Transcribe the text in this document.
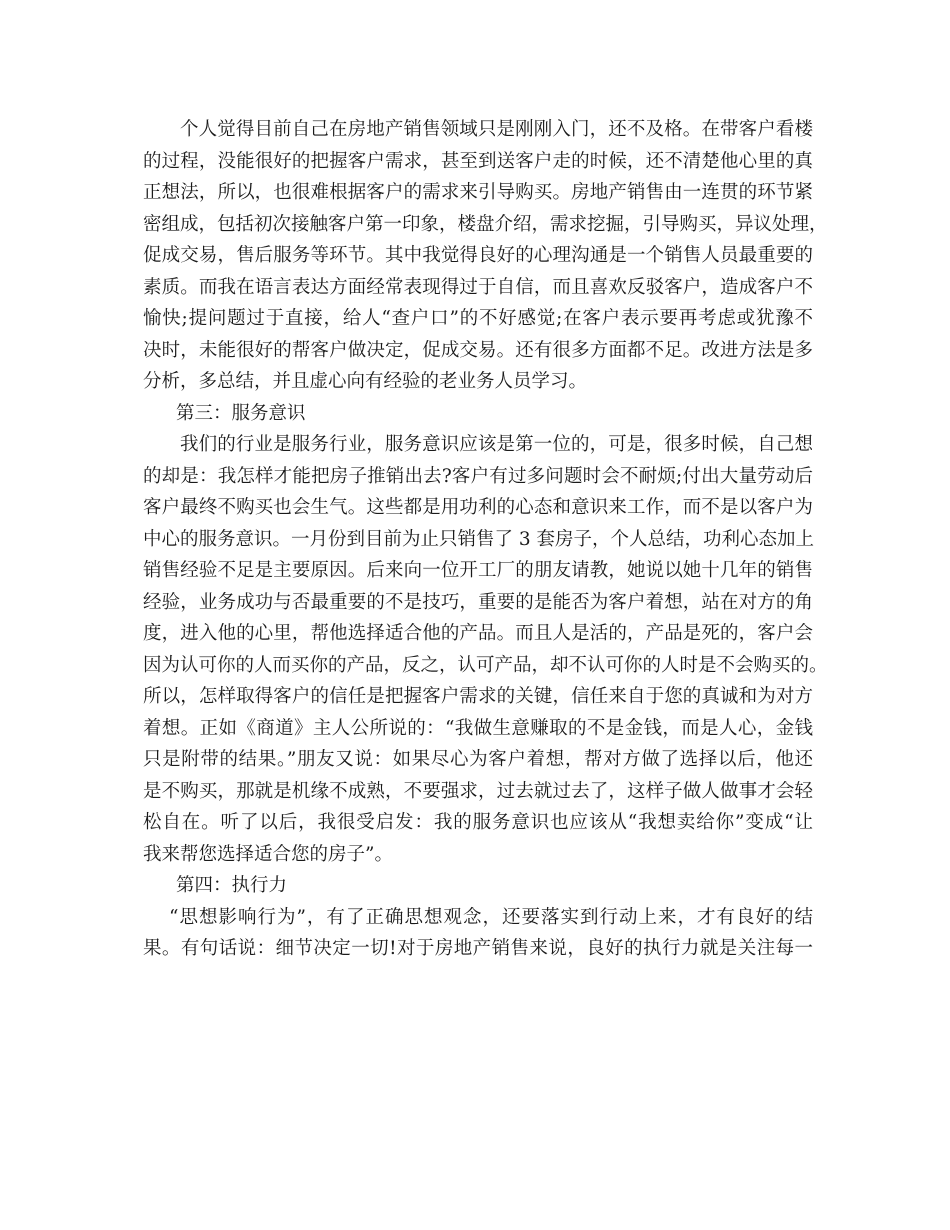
个人觉得目前自己在房地产销售领域只是刚刚入门，还不及格。在带客户看楼
的过程，没能很好的把握客户需求，甚至到送客户走的时候，还不清楚他心里的真
正想法，所以，也很难根据客户的需求来引导购买。房地产销售由一连贯的环节紧
密组成，包括初次接触客户第一印象，楼盘介绍，需求挖掘，引导购买，异议处理，
促成交易，售后服务等环节。其中我觉得良好的心理沟通是一个销售人员最重要的
素质。而我在语言表达方面经常表现得过于自信，而且喜欢反驳客户，造成客户不
愉快;提问题过于直接，给人“查户口”的不好感觉;在客户表示要再考虑或犹豫不
决时，未能很好的帮客户做决定，促成交易。还有很多方面都不足。改进方法是多
分析，多总结，并且虚心向有经验的老业务人员学习。
第三：服务意识
我们的行业是服务行业，服务意识应该是第一位的，可是，很多时候，自己想
的却是：我怎样才能把房子推销出去?客户有过多问题时会不耐烦;付出大量劳动后
客户最终不购买也会生气。这些都是用功利的心态和意识来工作，而不是以客户为
中心的服务意识。一月份到目前为止只销售了 3 套房子，个人总结，功利心态加上
销售经验不足是主要原因。后来向一位开工厂的朋友请教，她说以她十几年的销售
经验，业务成功与否最重要的不是技巧，重要的是能否为客户着想，站在对方的角
度，进入他的心里，帮他选择适合他的产品。而且人是活的，产品是死的，客户会
因为认可你的人而买你的产品，反之，认可产品，却不认可你的人时是不会购买的。
所以，怎样取得客户的信任是把握客户需求的关键，信任来自于您的真诚和为对方
着想。正如《商道》主人公所说的：“我做生意赚取的不是金钱，而是人心，金钱
只是附带的结果。”朋友又说：如果尽心为客户着想，帮对方做了选择以后，他还
是不购买，那就是机缘不成熟，不要强求，过去就过去了，这样子做人做事才会轻
松自在。听了以后，我很受启发：我的服务意识也应该从“我想卖给你”变成“让
我来帮您选择适合您的房子”。
第四：执行力
“思想影响行为”，有了正确思想观念，还要落实到行动上来，才有良好的结
果。有句话说：细节决定一切!对于房地产销售来说，良好的执行力就是关注每一
